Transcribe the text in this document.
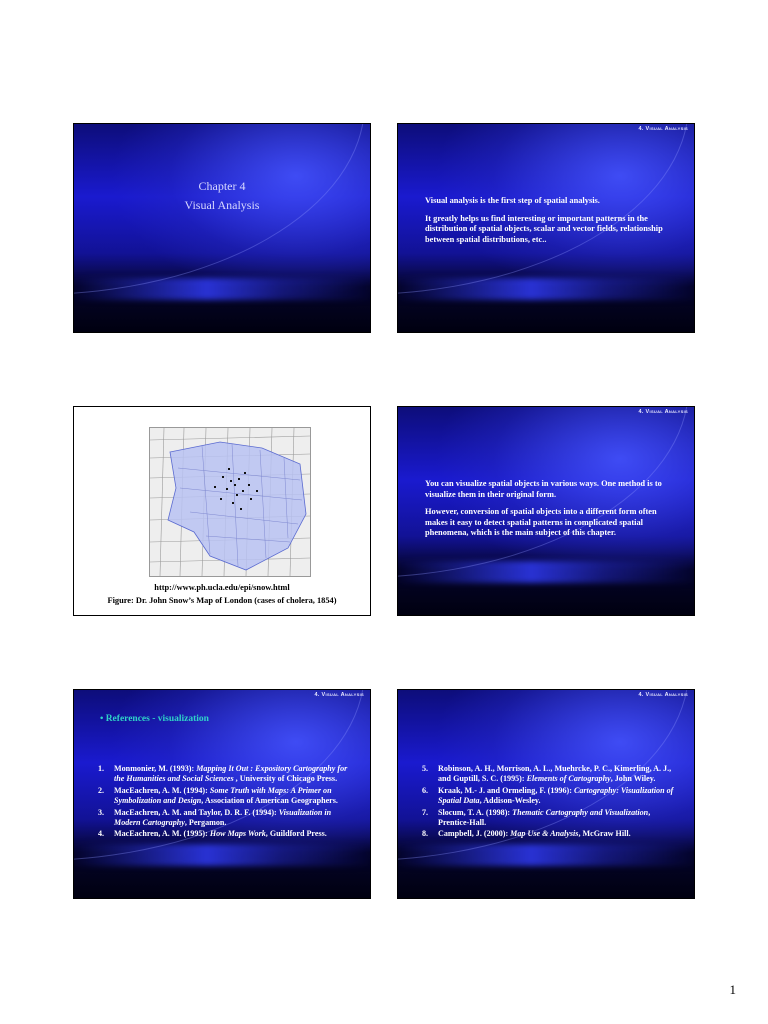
Chapter 4
Visual Analysis
4. Visual Analysis

Visual analysis is the first step of spatial analysis.

It greatly helps us find interesting or important patterns in the distribution of spatial objects, scalar and vector fields, relationship between spatial distributions, etc..

http://www.ph.ucla.edu/epi/snow.html
Figure: Dr. John Snow’s Map of London (cases of cholera, 1854)
4. Visual Analysis

You can visualize spatial objects in various ways. One method is to visualize them in their original form.

However, conversion of spatial objects into a different form often makes it easy to detect spatial patterns in complicated spatial phenomena, which is the main subject of this chapter.

4. Visual Analysis
• References - visualization
1.	Monmonier, M. (1993): Mapping It Out : Expository Cartography for the Humanities and Social Sciences , University of Chicago Press.
2.	MacEachren, A. M. (1994): Some Truth with Maps: A Primer on Symbolization and Design, Association of American Geographers.
3.	MacEachren, A. M. and Taylor, D. R. F. (1994): Visualization in Modern Cartography, Pergamon.
4.	MacEachren, A. M. (1995): How Maps Work, Guildford Press.
4. Visual Analysis
5.	Robinson, A. H., Morrison, A. L., Muehrcke, P. C., Kimerling, A. J., and Guptill, S. C. (1995): Elements of Cartography, John Wiley.
6.	Kraak, M.- J. and Ormeling, F. (1996): Cartography: Visualization of Spatial Data, Addison-Wesley.
7.	Slocum, T. A. (1998): Thematic Cartography and Visualization, Prentice-Hall.
8.	Campbell, J. (2000): Map Use & Analysis, McGraw Hill.
1
